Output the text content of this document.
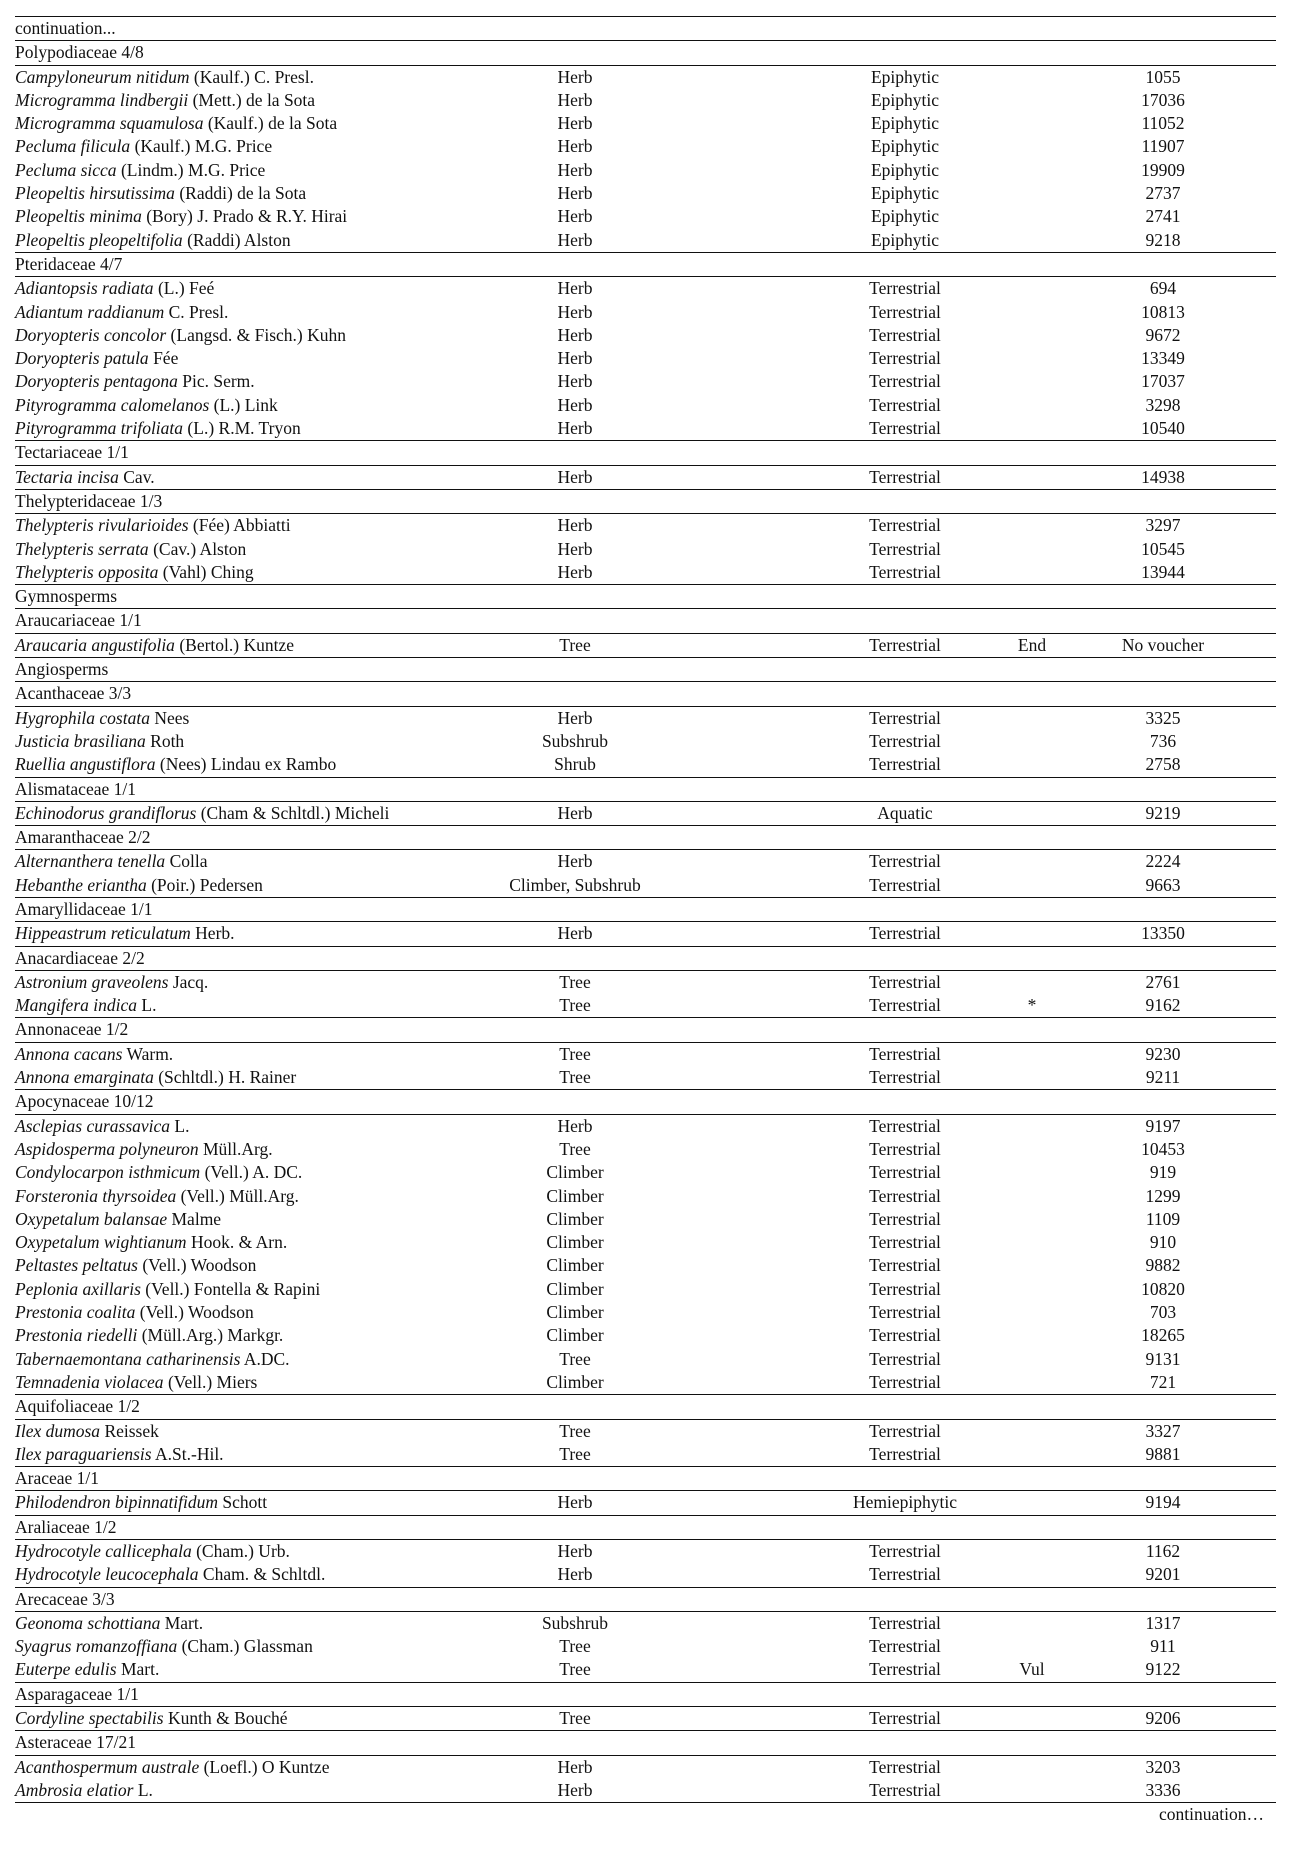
continuation...
Polypodiaceae 4/8
Campyloneurum nitidum (Kaulf.) C. Presl.	Herb	Epiphytic	1055
Microgramma lindbergii (Mett.) de la Sota	Herb	Epiphytic	17036
Microgramma squamulosa (Kaulf.) de la Sota	Herb	Epiphytic	11052
Pecluma filicula (Kaulf.) M.G. Price	Herb	Epiphytic	11907
Pecluma sicca (Lindm.) M.G. Price	Herb	Epiphytic	19909
Pleopeltis hirsutissima (Raddi) de la Sota	Herb	Epiphytic	2737
Pleopeltis minima (Bory) J. Prado & R.Y. Hirai	Herb	Epiphytic	2741
Pleopeltis pleopeltifolia (Raddi) Alston	Herb	Epiphytic	9218
Pteridaceae 4/7
Adiantopsis radiata (L.) Feé	Herb	Terrestrial	694
Adiantum raddianum C. Presl.	Herb	Terrestrial	10813
Doryopteris concolor (Langsd. & Fisch.) Kuhn	Herb	Terrestrial	9672
Doryopteris patula Fée	Herb	Terrestrial	13349
Doryopteris pentagona Pic. Serm.	Herb	Terrestrial	17037
Pityrogramma calomelanos (L.) Link	Herb	Terrestrial	3298
Pityrogramma trifoliata (L.) R.M. Tryon	Herb	Terrestrial	10540
Tectariaceae 1/1
Tectaria incisa Cav.	Herb	Terrestrial	14938
Thelypteridaceae 1/3
Thelypteris rivularioides (Fée) Abbiatti	Herb	Terrestrial	3297
Thelypteris serrata (Cav.) Alston	Herb	Terrestrial	10545
Thelypteris opposita (Vahl) Ching	Herb	Terrestrial	13944
Gymnosperms
Araucariaceae 1/1
Araucaria angustifolia (Bertol.) Kuntze	Tree	Terrestrial	End	No voucher
Angiosperms
Acanthaceae 3/3
Hygrophila costata Nees	Herb	Terrestrial	3325
Justicia brasiliana Roth	Subshrub	Terrestrial	736
Ruellia angustiflora (Nees) Lindau ex Rambo	Shrub	Terrestrial	2758
Alismataceae 1/1
Echinodorus grandiflorus (Cham & Schltdl.) Micheli	Herb	Aquatic	9219
Amaranthaceae 2/2
Alternanthera tenella Colla	Herb	Terrestrial	2224
Hebanthe eriantha (Poir.) Pedersen	Climber, Subshrub	Terrestrial	9663
Amaryllidaceae 1/1
Hippeastrum reticulatum Herb.	Herb	Terrestrial	13350
Anacardiaceae 2/2
Astronium graveolens Jacq.	Tree	Terrestrial	2761
Mangifera indica L.	Tree	Terrestrial	*	9162
Annonaceae 1/2
Annona cacans Warm.	Tree	Terrestrial	9230
Annona emarginata (Schltdl.) H. Rainer	Tree	Terrestrial	9211
Apocynaceae 10/12
Asclepias curassavica L.	Herb	Terrestrial	9197
Aspidosperma polyneuron Müll.Arg.	Tree	Terrestrial	10453
Condylocarpon isthmicum (Vell.) A. DC.	Climber	Terrestrial	919
Forsteronia thyrsoidea (Vell.) Müll.Arg.	Climber	Terrestrial	1299
Oxypetalum balansae Malme	Climber	Terrestrial	1109
Oxypetalum wightianum Hook. & Arn.	Climber	Terrestrial	910
Peltastes peltatus (Vell.) Woodson	Climber	Terrestrial	9882
Peplonia axillaris (Vell.) Fontella & Rapini	Climber	Terrestrial	10820
Prestonia coalita (Vell.) Woodson	Climber	Terrestrial	703
Prestonia riedelli (Müll.Arg.) Markgr.	Climber	Terrestrial	18265
Tabernaemontana catharinensis A.DC.	Tree	Terrestrial	9131
Temnadenia violacea (Vell.) Miers	Climber	Terrestrial	721
Aquifoliaceae 1/2
Ilex dumosa Reissek	Tree	Terrestrial	3327
Ilex paraguariensis A.St.-Hil.	Tree	Terrestrial	9881
Araceae 1/1
Philodendron bipinnatifidum Schott	Herb	Hemiepiphytic	9194
Araliaceae 1/2
Hydrocotyle callicephala (Cham.) Urb.	Herb	Terrestrial	1162
Hydrocotyle leucocephala Cham. & Schltdl.	Herb	Terrestrial	9201
Arecaceae 3/3
Geonoma schottiana Mart.	Subshrub	Terrestrial	1317
Syagrus romanzoffiana (Cham.) Glassman	Tree	Terrestrial	911
Euterpe edulis Mart.	Tree	Terrestrial	Vul	9122
Asparagaceae 1/1
Cordyline spectabilis Kunth & Bouché	Tree	Terrestrial	9206
Asteraceae 17/21
Acanthospermum australe (Loefl.) O Kuntze	Herb	Terrestrial	3203
Ambrosia elatior L.	Herb	Terrestrial	3336
continuation…
